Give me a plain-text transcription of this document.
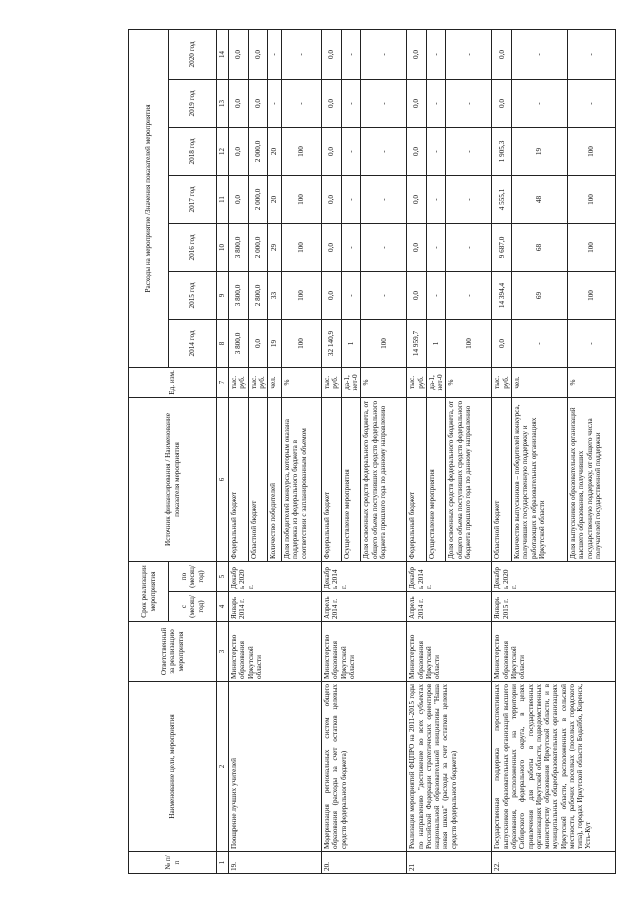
№ п/п	Наименование цели, мероприятия	Ответственный за реализацию мероприятия	Срок реализации мероприятия		Источник финансирования / Наименование показателя мероприятия	Ед. изм.	Расходы на мероприятие /Значения показателей мероприятия						
			с (месяц/год)	по (месяц/год)			2014 год	2015 год	2016 год	2017 год	2018 год	2019 год	2020 год
1	2	3	4	5	6	7	8	9	10	11	12	13	14
19.	Поощрение лучших учителей	Министерство образования Иркутской области	Январь 2014 г.	Декабрь 2020 г.	Федеральный бюджет	тыс. руб.	3 800,0	3 800,0	3 800,0	0,0	0,0	0,0	0,0
					Областной бюджет	тыс. руб.	0,0	2 800,0	2 000,0	2 000,0	2 000,0	0,0	0,0
					Количество победителей	чел.	19	33	29	20	20	-	-
					Доля победителей конкурса, которым оказана поддержка из федерального бюджета в соответствии с запланированным объемом	%	100	100	100	100	100	-	-
20.	Модернизация региональных систем общего образования (расходы за счет остатков целевых средств федерального бюджета)	Министерство образования Иркутской области	Апрель 2014 г.	Декабрь 2014 г.	Федеральный бюджет	тыс. руб.	32 140,9	0,0	0,0	0,0	0,0	0,0	0,0
					Осуществление мероприятия	да-1, нет-0	1	-	-	-	-	-	-
					Доля освоенных средств федерального бюджета, от общего объема поступивших средств федерального бюджета прошлого года по данному направлению	%	100	-	-	-	-	-	-
21	Реализация мероприятий ФЦПРО на 2011-2015 годы по направлению "достижение во всех субъектах Российской Федерации стратегических ориентиров национальной образовательной инициативы "Наша новая школа" (расходы за счет остатков целевых средств федерального бюджета)	Министерство образования Иркутской области	Апрель 2014 г.	Декабрь 2014 г.	Федеральный бюджет	тыс. руб.	14 959,7	0,0	0,0	0,0	0,0	0,0	0,0
					Осуществление мероприятия	да-1, нет-0	1	-	-	-	-	-	-
					Доля освоенных средств федерального бюджета, от общего объема поступивших средств федерального бюджета прошлого года по данному направлению	%	100	-	-	-	-	-	-
22.	Государственная поддержка перспективных выпускников образовательных организаций высшего образования, расположенных на территории Сибирского федерального округа, в целях привлечения для работы в государственных организациях Иркутской области, подведомственных министерству образования Иркутской области, и в муниципальных общеобразовательных организациях Иркутской области, расположенных в сельской местности, рабочих поселках (поселках городского типа), городах Иркутской области Бодайбо, Киренск, Усть-Кут	Министерство образования Иркутской области	Январь 2015 г.	Декабрь 2020 г.	Областной бюджет	тыс. руб.	0,0	14 394,4	9 687,0	4 555,1	1 905,3	0,0	0,0
					Количество выпускников – победителей конкурса, получивших государственную поддержку и работающих в образовательных организациях Иркутской области	чел.	-	69	68	48	19	-	-
					Доля выпускников образовательных организаций высшего образования, получивших государственную поддержку, от общего числа получателей государственной поддержки	%	-	100	100	100	100	-	-
